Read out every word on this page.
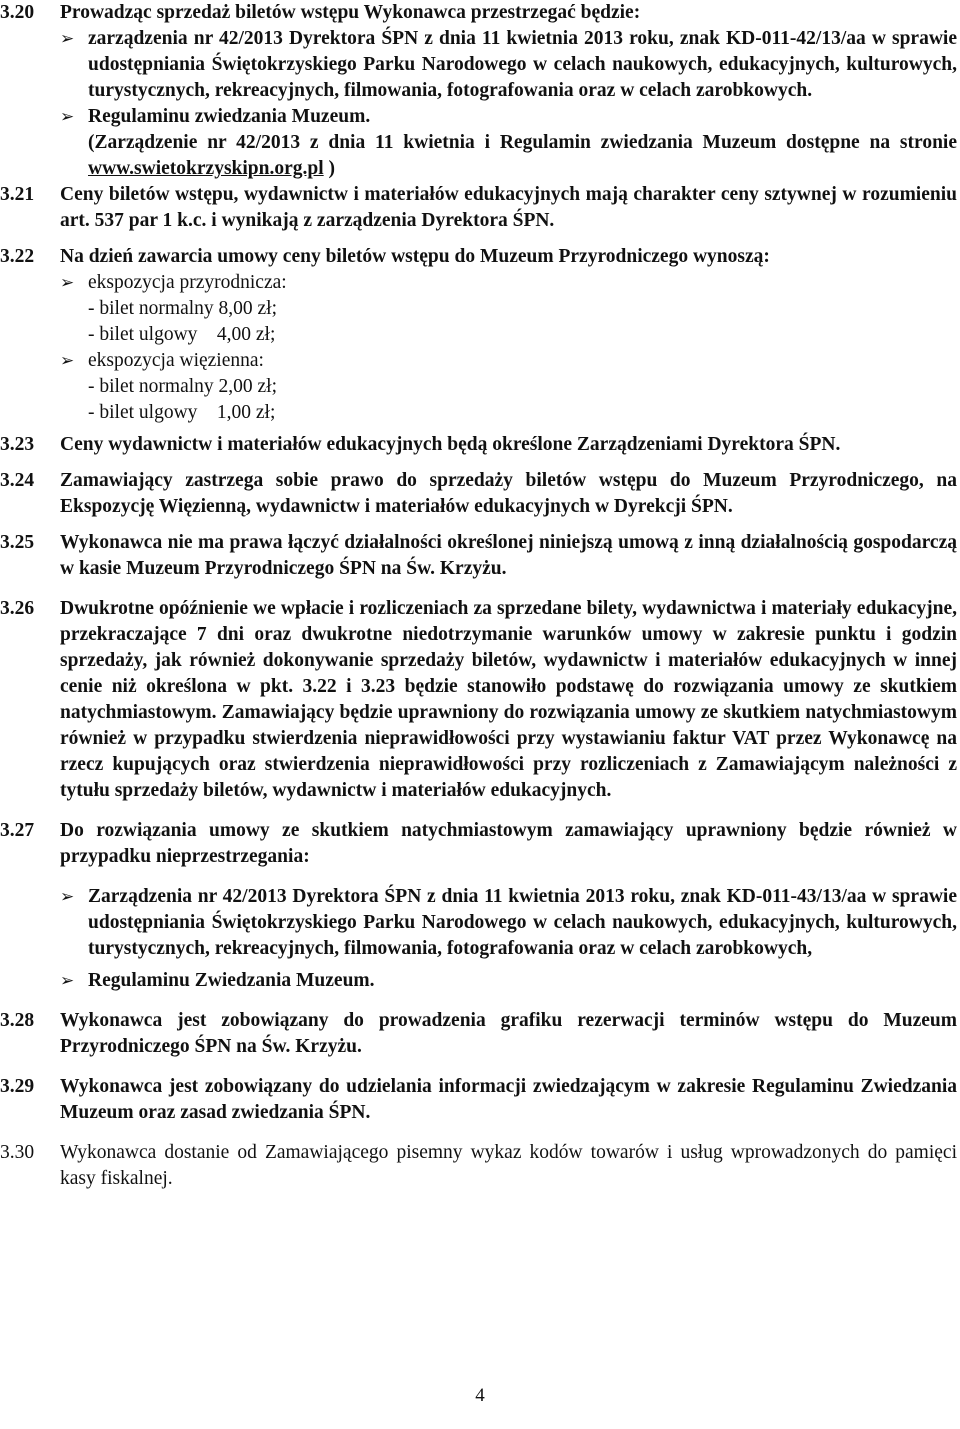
3.20 Prowadząc sprzedaż biletów wstępu Wykonawca przestrzegać będzie:
➢ zarządzenia nr 42/2013 Dyrektora ŚPN z dnia 11 kwietnia 2013 roku, znak KD-011-42/13/aa w sprawie udostępniania Świętokrzyskiego Parku Narodowego w celach naukowych, edukacyjnych, kulturowych, turystycznych, rekreacyjnych, filmowania, fotografowania oraz w celach zarobkowych.
➢ Regulaminu zwiedzania Muzeum.
(Zarządzenie nr 42/2013 z dnia 11 kwietnia i Regulamin zwiedzania Muzeum dostępne na stronie www.swietokrzyskipn.org.pl )
3.21 Ceny biletów wstępu, wydawnictw i materiałów edukacyjnych mają charakter ceny sztywnej w rozumieniu art. 537 par 1 k.c. i wynikają z zarządzenia Dyrektora ŚPN.
3.22 Na dzień zawarcia umowy ceny biletów wstępu do Muzeum Przyrodniczego wynoszą:
➢ ekspozycja przyrodnicza:
- bilet normalny 8,00 zł;
- bilet ulgowy 4,00 zł;
➢ ekspozycja więzienna:
- bilet normalny 2,00 zł;
- bilet ulgowy 1,00 zł;
3.23 Ceny wydawnictw i materiałów edukacyjnych będą określone Zarządzeniami Dyrektora ŚPN.
3.24 Zamawiający zastrzega sobie prawo do sprzedaży biletów wstępu do Muzeum Przyrodniczego, na Ekspozycję Więzienną, wydawnictw i materiałów edukacyjnych w Dyrekcji ŚPN.
3.25 Wykonawca nie ma prawa łączyć działalności określonej niniejszą umową z inną działalnością gospodarczą w kasie Muzeum Przyrodniczego ŚPN na Św. Krzyżu.
3.26 Dwukrotne opóźnienie we wpłacie i rozliczeniach za sprzedane bilety, wydawnictwa i materiały edukacyjne, przekraczające 7 dni oraz dwukrotne niedotrzymanie warunków umowy w zakresie punktu i godzin sprzedaży, jak również dokonywanie sprzedaży biletów, wydawnictw i materiałów edukacyjnych w innej cenie niż określona w pkt. 3.22 i 3.23 będzie stanowiło podstawę do rozwiązania umowy ze skutkiem natychmiastowym. Zamawiający będzie uprawniony do rozwiązania umowy ze skutkiem natychmiastowym również w przypadku stwierdzenia nieprawidłowości przy wystawianiu faktur VAT przez Wykonawcę na rzecz kupujących oraz stwierdzenia nieprawidłowości przy rozliczeniach z Zamawiającym należności z tytułu sprzedaży biletów, wydawnictw i materiałów edukacyjnych.
3.27 Do rozwiązania umowy ze skutkiem natychmiastowym zamawiający uprawniony będzie również w przypadku nieprzestrzegania:
➢ Zarządzenia nr 42/2013 Dyrektora ŚPN z dnia 11 kwietnia 2013 roku, znak KD-011-43/13/aa w sprawie udostępniania Świętokrzyskiego Parku Narodowego w celach naukowych, edukacyjnych, kulturowych, turystycznych, rekreacyjnych, filmowania, fotografowania oraz w celach zarobkowych,
➢ Regulaminu Zwiedzania Muzeum.
3.28 Wykonawca jest zobowiązany do prowadzenia grafiku rezerwacji terminów wstępu do Muzeum Przyrodniczego ŚPN na Św. Krzyżu.
3.29 Wykonawca jest zobowiązany do udzielania informacji zwiedzającym w zakresie Regulaminu Zwiedzania Muzeum oraz zasad zwiedzania ŚPN.
3.30 Wykonawca dostanie od Zamawiającego pisemny wykaz kodów towarów i usług wprowadzonych do pamięci kasy fiskalnej.
4
